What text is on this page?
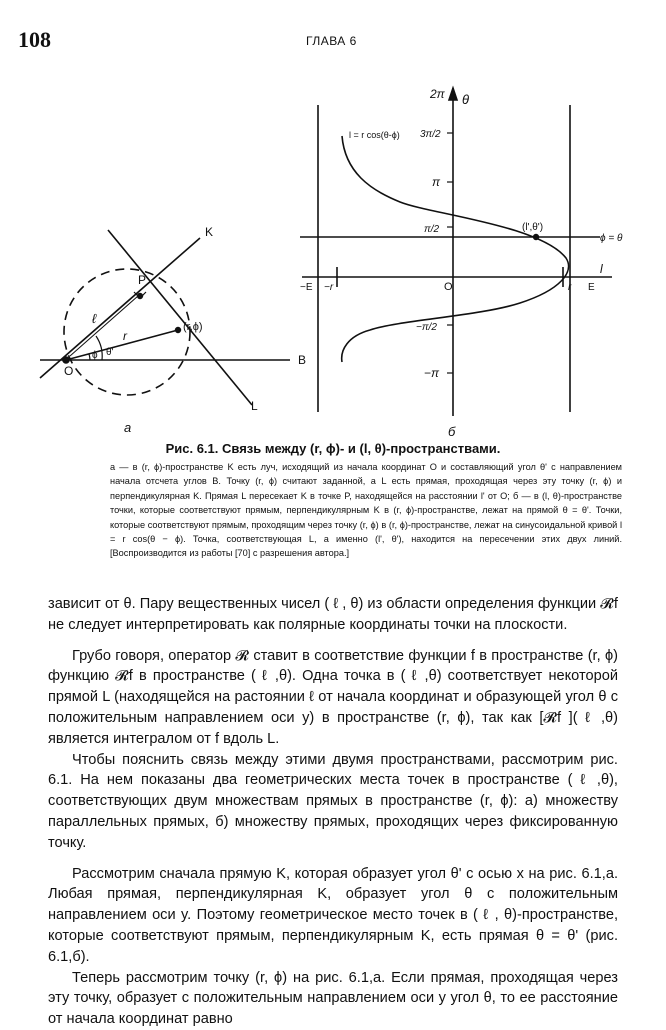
108	ГЛАВА 6
K
P
ℓ
r
(r,ϕ)
O
ϕ θ'
B
L
a
2π θ
l = r cos(θ-ϕ) 3π/2
π
π/2	(l',θ')
ϕ = θ
l
−E −r	O	r E
−π/2
−π
б
Рис. 6.1. Связь между (r, ϕ)- и (l, θ)-пространствами.
a — в (r, ϕ)-пространстве K есть луч, исходящий из начала координат O и составляющий угол θ' с направлением начала отсчета углов B. Точку (r, ϕ) считают заданной, а L есть прямая, проходящая через эту точку (r, ϕ) и перпендикулярная K. Прямая L пересекает K в точке P, находящейся на расстоянии l' от O; б — в (l, θ)-пространстве точки, которые соответствуют прямым, перпендикулярным K в (r, ϕ)-пространстве, лежат на прямой θ = θ'. Точки, которые соответствуют прямым, проходящим через точку (r, ϕ) в (r, ϕ)-пространстве, лежат на синусоидальной кривой l = r cos(θ − ϕ). Точка, соответствующая L, а именно (l', θ'), находится на пересечении этих двух линий. [Воспроизводится из работы [70] с разрешения автора.]

зависит от θ. Пару вещественных чисел ( ℓ , θ) из области определения функции 𝓡f не следует интерпретировать как полярные координаты точки на плоскости.

Грубо говоря, оператор 𝓡 ставит в соответствие функции f в пространстве (r, ϕ) функцию 𝓡f в пространстве ( ℓ ,θ). Одна точка в ( ℓ ,θ) соответствует некоторой прямой L (находящейся на растоянии ℓ от начала координат и образующей угол θ с положительным направлением оси y) в пространстве (r, ϕ), так как [𝓡f ]( ℓ ,θ) является интегралом от f вдоль L.

Чтобы пояснить связь между этими двумя пространствами, рассмотрим рис. 6.1. На нем показаны два геометрических места точек в пространстве ( ℓ ,θ), соответствующих двум множествам прямых в пространстве (r, ϕ): а) множеству параллельных прямых, б) множеству прямых, проходящих через фиксированную точку.

Рассмотрим сначала прямую K, которая образует угол θ' с осью x на рис. 6.1,a. Любая прямая, перпендикулярная K, образует угол θ с положительным направлением оси y. Поэтому геометрическое место точек в ( ℓ , θ)-пространстве, которые соответствуют прямым, перпендикулярным K, есть прямая θ = θ' (рис. 6.1,б).

Теперь рассмотрим точку (r, ϕ) на рис. 6.1,a. Если прямая, проходящая через эту точку, образует с положительным направлением оси y угол θ, то ее расстояние от начала координат равно
